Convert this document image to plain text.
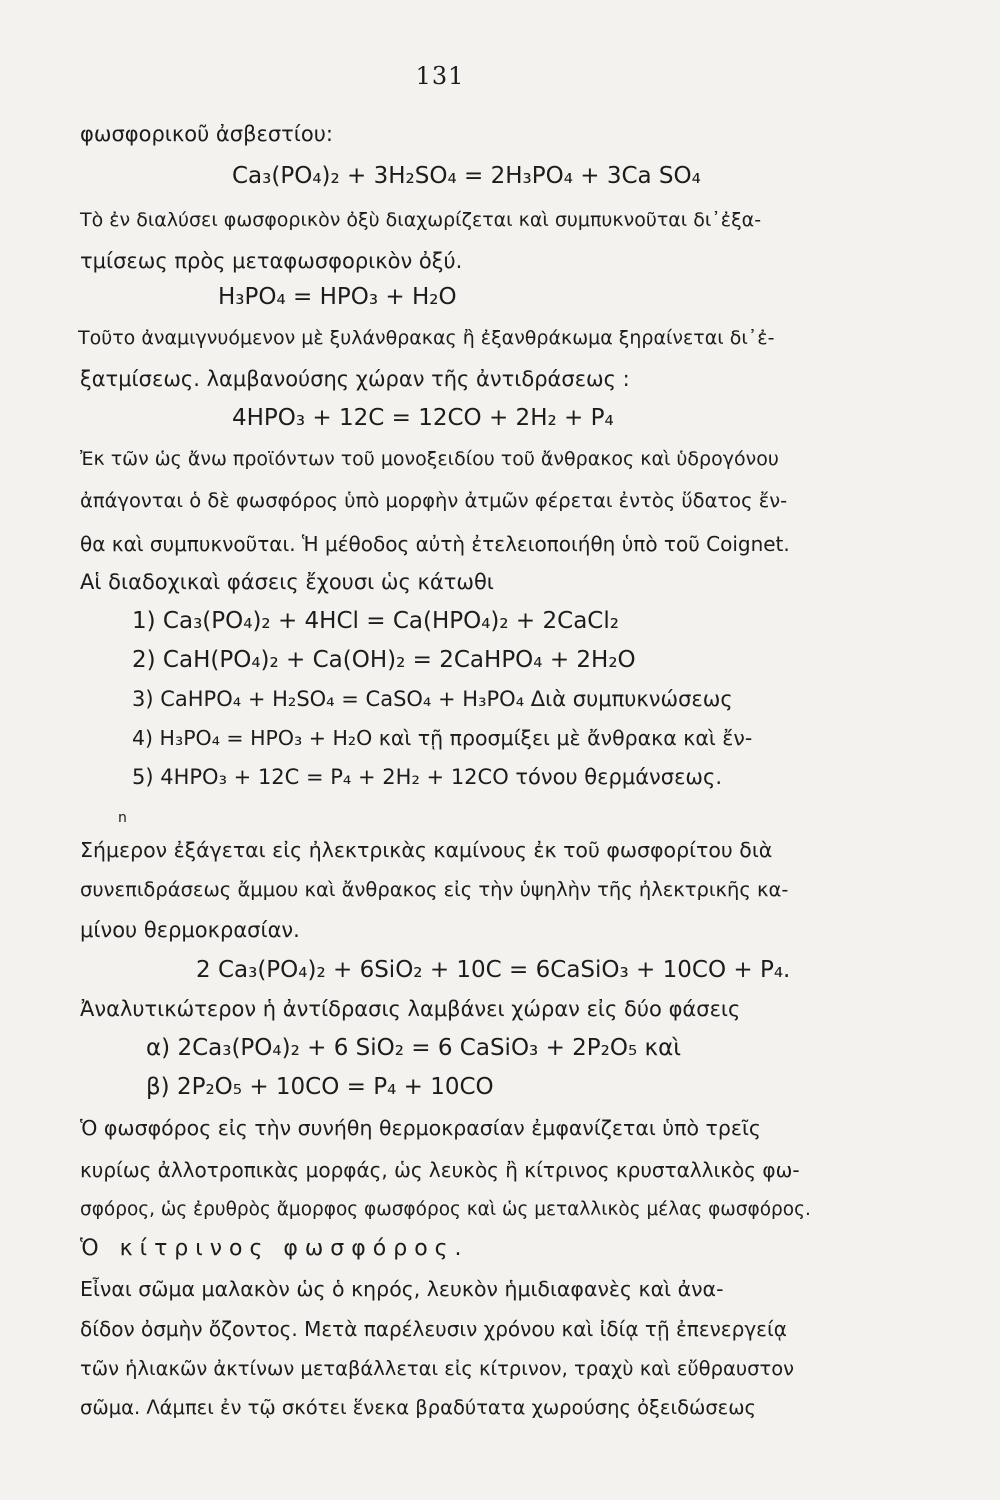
131
φωσφορικοῦ ἀσβεστίου:
Ca₃(PO₄)₂ + 3H₂SO₄ = 2H₃PO₄ + 3Ca SO₄
Τὸ ἐν διαλύσει φωσφορικὸν ὀξὺ διαχωρίζεται καὶ συμπυκνοῦται δι᾿ἐξα-
τμίσεως πρὸς μεταφωσφορικὸν ὀξύ.
H₃PO₄ = HPO₃ + H₂O
Τοῦτο ἀναμιγνυόμενον μὲ ξυλάνθρακας ἢ ἐξανθράκωμα ξηραίνεται δι᾿ἐ-
ξατμίσεως. λαμβανούσης χώραν τῆς ἀντιδράσεως :
4HPO₃ + 12C = 12CO + 2H₂ + P₄
Ἐκ τῶν ὡς ἄνω προϊόντων τοῦ μονοξειδίου τοῦ ἄνθρακος καὶ ὑδρογόνου
ἀπάγονται ὁ δὲ φωσφόρος ὑπὸ μορφὴν ἀτμῶν φέρεται ἐντὸς ὕδατος ἔν-
θα καὶ συμπυκνοῦται. Ἡ μέθοδος αὐτὴ ἐτελειοποιήθη ὑπὸ τοῦ Coignet.
Αἱ διαδοχικαὶ φάσεις ἔχουσι ὡς κάτωθι
1) Ca₃(PO₄)₂ + 4HCl = Ca(HPO₄)₂ + 2CaCl₂
2) CaH(PO₄)₂ + Ca(OH)₂ = 2CaHPO₄ + 2H₂O
3) CaHPO₄ + H₂SO₄ = CaSO₄ + H₃PO₄ Διὰ συμπυκνώσεως
4) H₃PO₄ = HPO₃ + H₂O καὶ τῇ προσμίξει μὲ ἄνθρακα καὶ ἔν-
5) 4HPO₃ + 12C = P₄ + 2H₂ + 12CO τόνου θερμάνσεως.
n
Σήμερον ἐξάγεται εἰς ἠλεκτρικὰς καμίνους ἐκ τοῦ φωσφορίτου διὰ
συνεπιδράσεως ἄμμου καὶ ἄνθρακος εἰς τὴν ὑψηλὴν τῆς ἠλεκτρικῆς κα-
μίνου θερμοκρασίαν.
2 Ca₃(PO₄)₂ + 6SiO₂ + 10C = 6CaSiO₃ + 10CO + P₄.
Ἀναλυτικώτερον ἡ ἀντίδρασις λαμβάνει χώραν εἰς δύο φάσεις
α) 2Ca₃(PO₄)₂ + 6 SiO₂ = 6 CaSiO₃ + 2P₂O₅ καὶ
β) 2P₂O₅ + 10CO = P₄ + 10CO
Ὁ φωσφόρος εἰς τὴν συνήθη θερμοκρασίαν ἐμφανίζεται ὑπὸ τρεῖς
κυρίως ἀλλοτροπικὰς μορφάς, ὡς λευκὸς ἢ κίτρινος κρυσταλλικὸς φω-
σφόρος, ὡς ἐρυθρὸς ἄμορφος φωσφόρος καὶ ὡς μεταλλικὸς μέλας φωσφόρος.
Ὁ κίτρινος φωσφόρος.
Εἶναι σῶμα μαλακὸν ὡς ὁ κηρός, λευκὸν ἡμιδιαφανὲς καὶ ἀνα-
δίδον ὀσμὴν ὄζοντος. Μετὰ παρέλευσιν χρόνου καὶ ἰδίᾳ τῇ ἐπενεργείᾳ
τῶν ἡλιακῶν ἀκτίνων μεταβάλλεται εἰς κίτρινον, τραχὺ καὶ εὔθραυστον
σῶμα. Λάμπει ἐν τῷ σκότει ἕνεκα βραδύτατα χωρούσης ὀξειδώσεως
